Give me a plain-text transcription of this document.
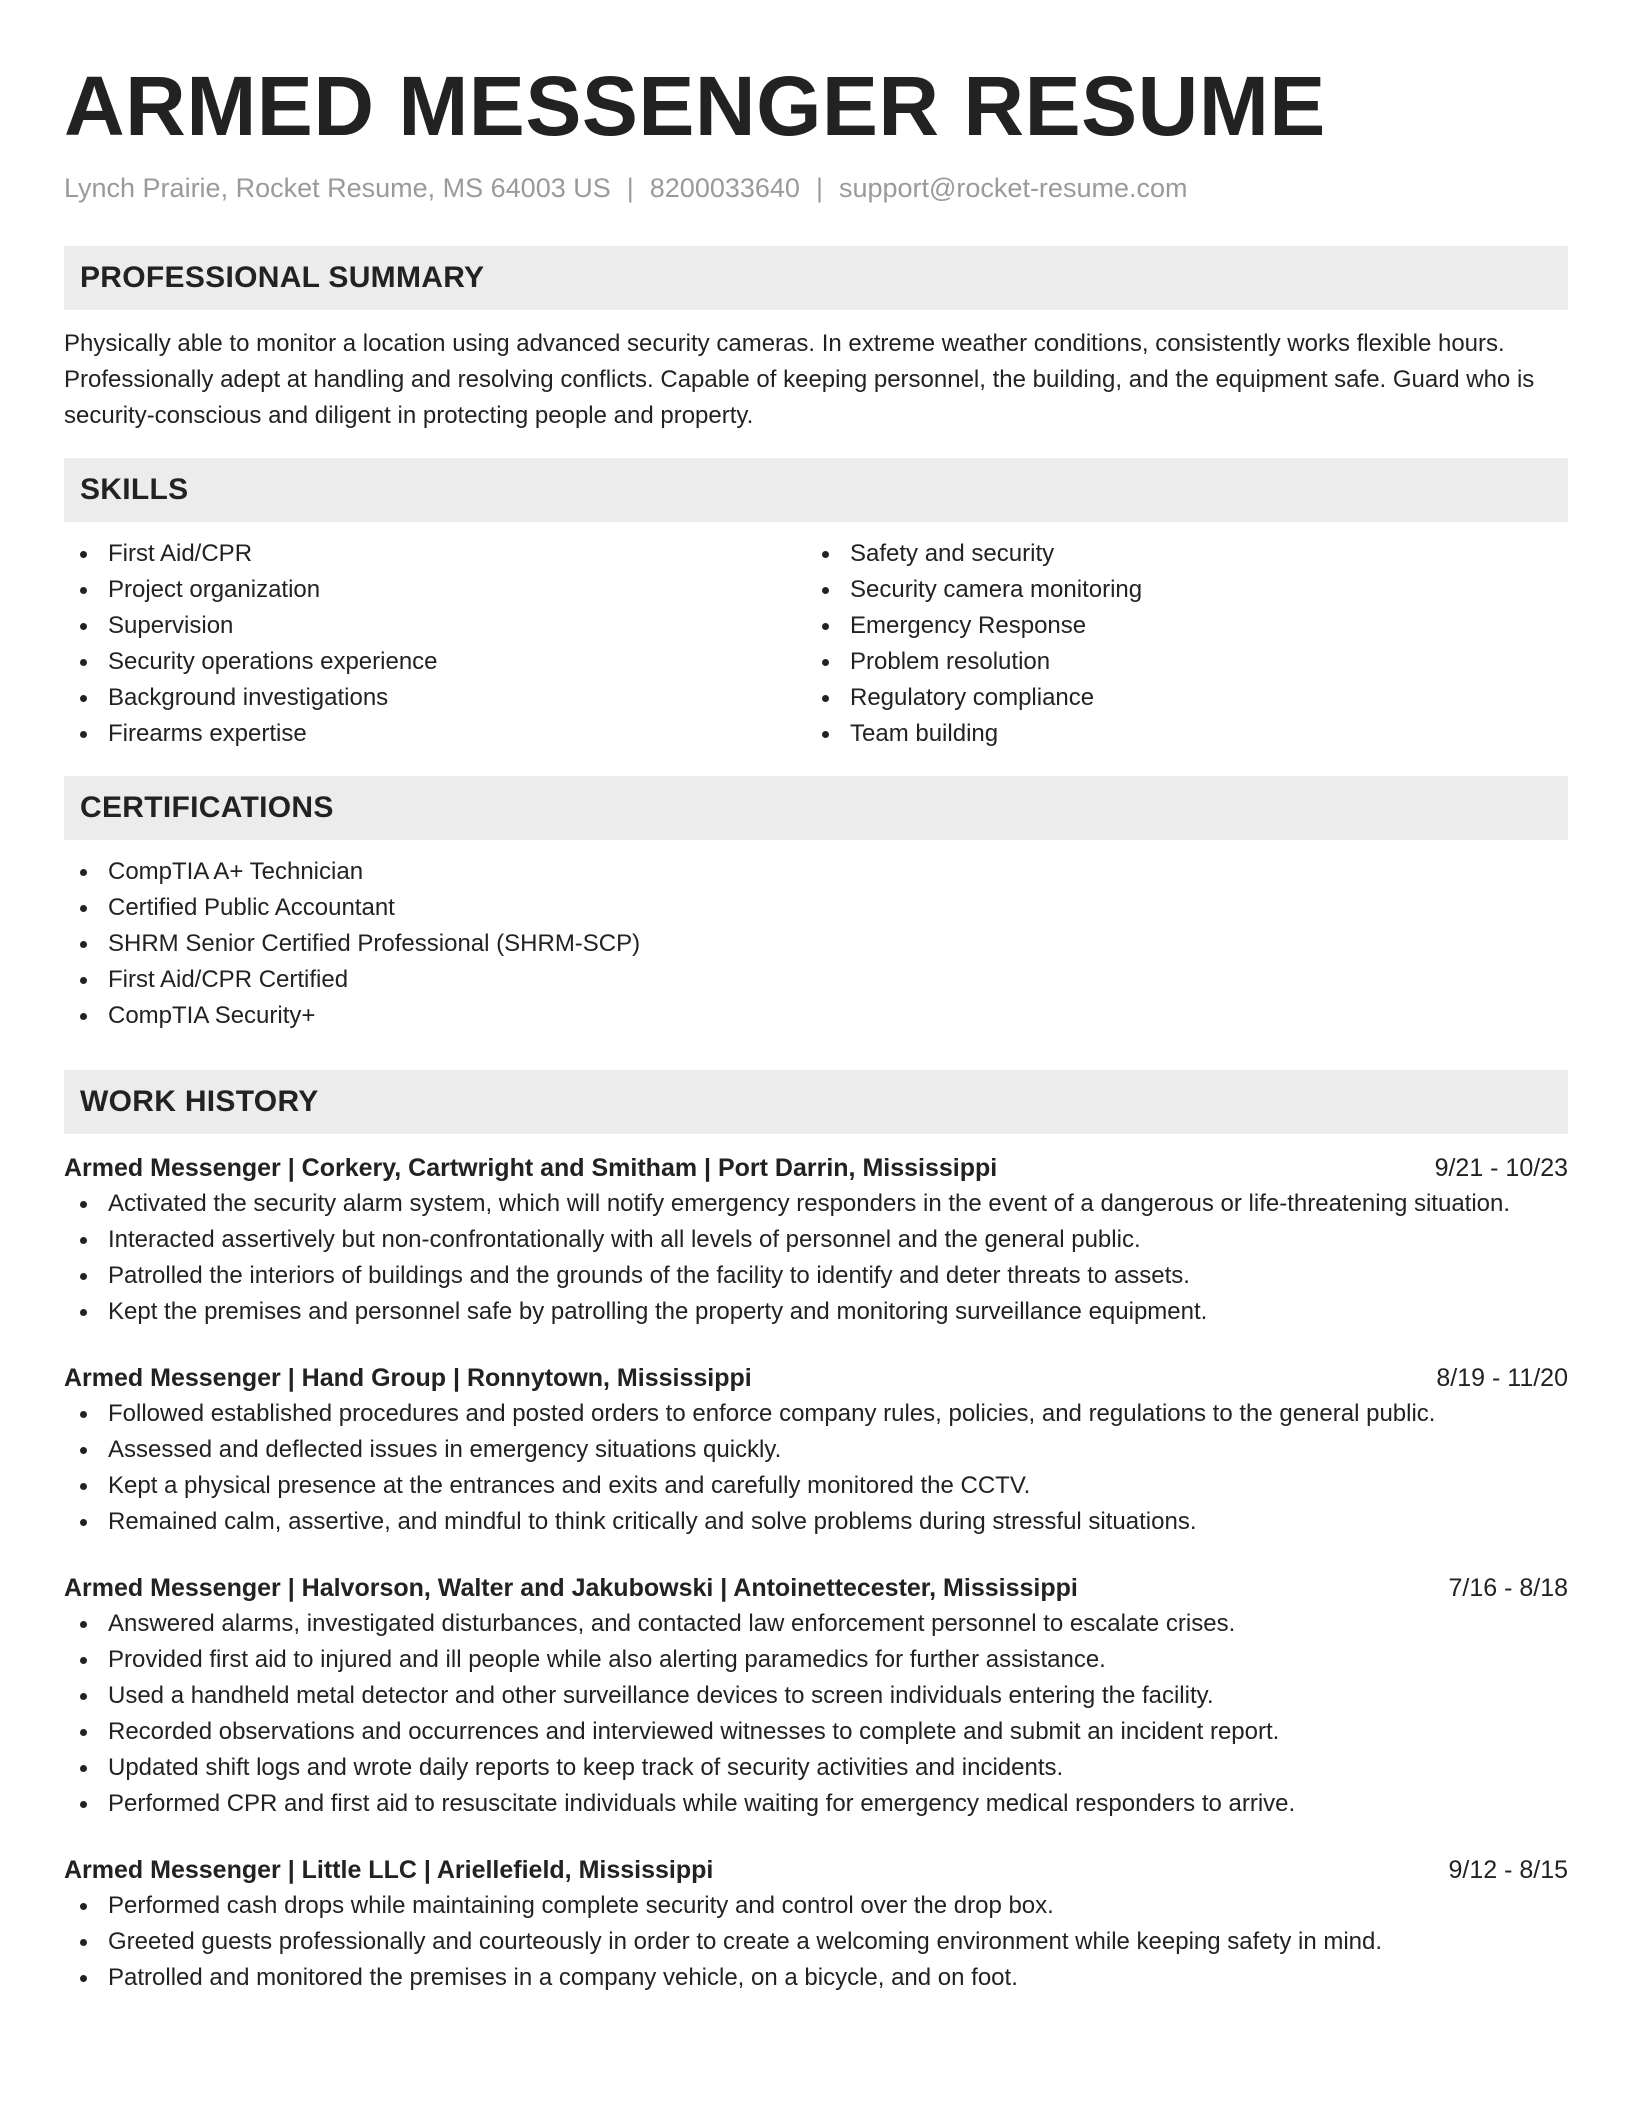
ARMED MESSENGER RESUME
Lynch Prairie, Rocket Resume, MS 64003 US | 8200033640 | support@rocket-resume.com
PROFESSIONAL SUMMARY

Physically able to monitor a location using advanced security cameras. In extreme weather conditions, consistently works flexible hours. Professionally adept at handling and resolving conflicts. Capable of keeping personnel, the building, and the equipment safe. Guard who is security-conscious and diligent in protecting people and property.

SKILLS
First Aid/CPR
Project organization
Supervision
Security operations experience
Background investigations
Firearms expertise
Safety and security
Security camera monitoring
Emergency Response
Problem resolution
Regulatory compliance
Team building
CERTIFICATIONS
CompTIA A+ Technician
Certified Public Accountant
SHRM Senior Certified Professional (SHRM-SCP)
First Aid/CPR Certified
CompTIA Security+
WORK HISTORY
Armed Messenger | Corkery, Cartwright and Smitham | Port Darrin, Mississippi	9/21 - 10/23
Activated the security alarm system, which will notify emergency responders in the event of a dangerous or life-threatening situation.
Interacted assertively but non-confrontationally with all levels of personnel and the general public.
Patrolled the interiors of buildings and the grounds of the facility to identify and deter threats to assets.
Kept the premises and personnel safe by patrolling the property and monitoring surveillance equipment.
Armed Messenger | Hand Group | Ronnytown, Mississippi	8/19 - 11/20
Followed established procedures and posted orders to enforce company rules, policies, and regulations to the general public.
Assessed and deflected issues in emergency situations quickly.
Kept a physical presence at the entrances and exits and carefully monitored the CCTV.
Remained calm, assertive, and mindful to think critically and solve problems during stressful situations.
Armed Messenger | Halvorson, Walter and Jakubowski | Antoinettecester, Mississippi	7/16 - 8/18
Answered alarms, investigated disturbances, and contacted law enforcement personnel to escalate crises.
Provided first aid to injured and ill people while also alerting paramedics for further assistance.
Used a handheld metal detector and other surveillance devices to screen individuals entering the facility.
Recorded observations and occurrences and interviewed witnesses to complete and submit an incident report.
Updated shift logs and wrote daily reports to keep track of security activities and incidents.
Performed CPR and first aid to resuscitate individuals while waiting for emergency medical responders to arrive.
Armed Messenger | Little LLC | Ariellefield, Mississippi	9/12 - 8/15
Performed cash drops while maintaining complete security and control over the drop box.
Greeted guests professionally and courteously in order to create a welcoming environment while keeping safety in mind.
Patrolled and monitored the premises in a company vehicle, on a bicycle, and on foot.
